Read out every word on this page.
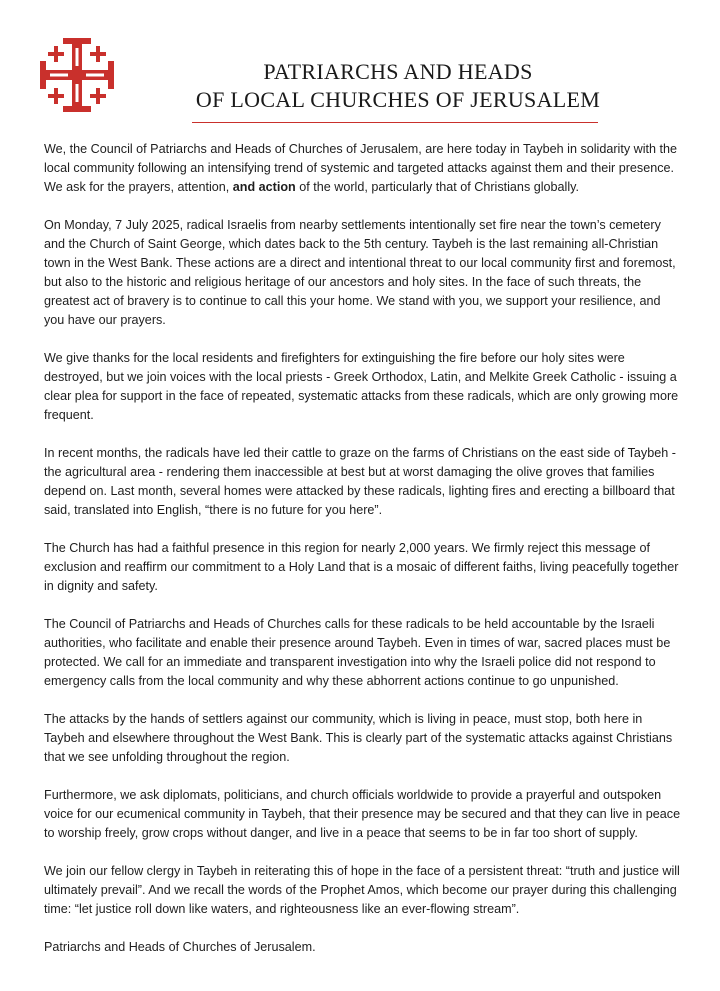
PATRIARCHS AND HEADS
OF LOCAL CHURCHES OF JERUSALEM

We, the Council of Patriarchs and Heads of Churches of Jerusalem, are here today in Taybeh in solidarity with the local community following an intensifying trend of systemic and targeted attacks against them and their presence. We ask for the prayers, attention, and action of the world, particularly that of Christians globally.

On Monday, 7 July 2025, radical Israelis from nearby settlements intentionally set fire near the town’s cemetery and the Church of Saint George, which dates back to the 5th century. Taybeh is the last remaining all-Christian town in the West Bank. These actions are a direct and intentional threat to our local community first and foremost, but also to the historic and religious heritage of our ancestors and holy sites. In the face of such threats, the greatest act of bravery is to continue to call this your home. We stand with you, we support your resilience, and you have our prayers.

We give thanks for the local residents and firefighters for extinguishing the fire before our holy sites were destroyed, but we join voices with the local priests - Greek Orthodox, Latin, and Melkite Greek Catholic - issuing a clear plea for support in the face of repeated, systematic attacks from these radicals, which are only growing more frequent.

In recent months, the radicals have led their cattle to graze on the farms of Christians on the east side of Taybeh - the agricultural area - rendering them inaccessible at best but at worst damaging the olive groves that families depend on. Last month, several homes were attacked by these radicals, lighting fires and erecting a billboard that said, translated into English, “there is no future for you here”.

The Church has had a faithful presence in this region for nearly 2,000 years. We firmly reject this message of exclusion and reaffirm our commitment to a Holy Land that is a mosaic of different faiths, living peacefully together in dignity and safety.

The Council of Patriarchs and Heads of Churches calls for these radicals to be held accountable by the Israeli authorities, who facilitate and enable their presence around Taybeh. Even in times of war, sacred places must be protected. We call for an immediate and transparent investigation into why the Israeli police did not respond to emergency calls from the local community and why these abhorrent actions continue to go unpunished.

The attacks by the hands of settlers against our community, which is living in peace, must stop, both here in Taybeh and elsewhere throughout the West Bank. This is clearly part of the systematic attacks against Christians that we see unfolding throughout the region.

Furthermore, we ask diplomats, politicians, and church officials worldwide to provide a prayerful and outspoken voice for our ecumenical community in Taybeh, that their presence may be secured and that they can live in peace to worship freely, grow crops without danger, and live in a peace that seems to be in far too short of supply.

We join our fellow clergy in Taybeh in reiterating this of hope in the face of a persistent threat: “truth and justice will ultimately prevail”. And we recall the words of the Prophet Amos, which become our prayer during this challenging time: “let justice roll down like waters, and righteousness like an ever-flowing stream”.

Patriarchs and Heads of Churches of Jerusalem.
